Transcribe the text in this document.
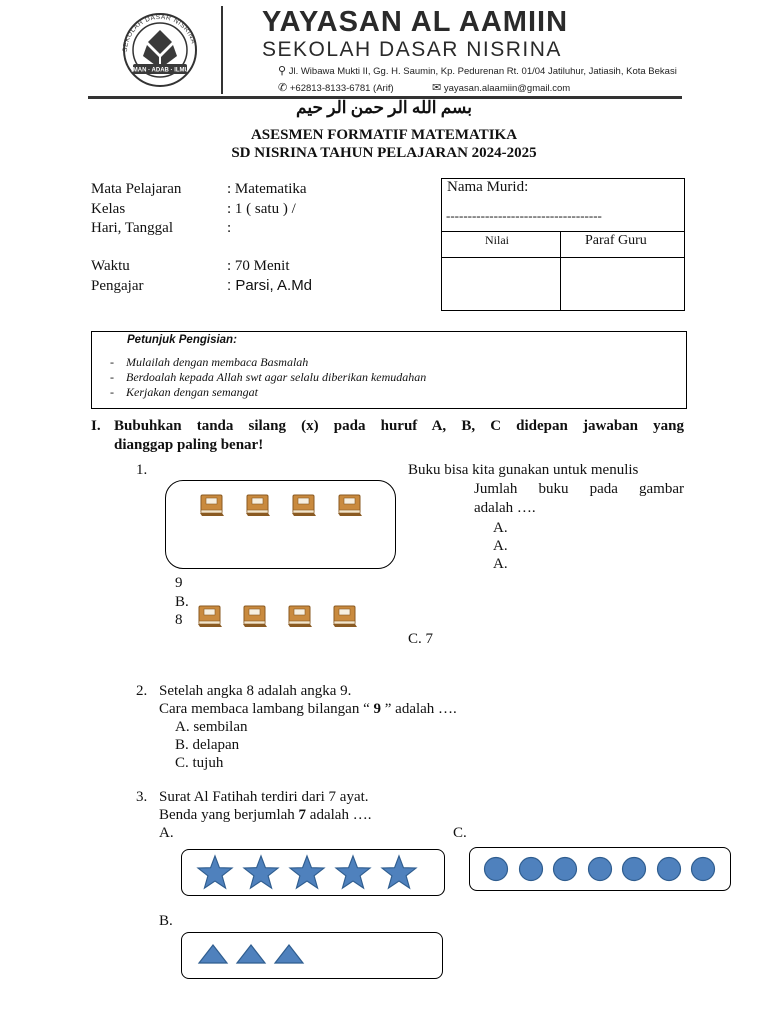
SEKOLAH DASAR NISRINA
IMAN · ADAB · ILMU
YAYASAN AL AAMIIN
SEKOLAH DASAR NISRINA
⚲ Jl. Wibawa Mukti II, Gg. H. Saumin, Kp. Pedurenan Rt. 01/04 Jatiluhur, Jatiasih, Kota Bekasi
✆ +62813-8133-6781 (Arif)	✉ yayasan.alaamiin@gmail.com
بسم الله الر حمن الر حيم
ASESMEN FORMATIF MATEMATIKA
SD NISRINA TAHUN PELAJARAN 2024-2025
Mata Pelajaran	: Matematika
Kelas	: 1 ( satu ) /
Hari, Tanggal	:
Waktu	: 70 Menit
Pengajar	: Parsi, A.Md
Nama Murid:
------------------------------------
Nilai	Paraf Guru
Petunjuk Pengisian:
-    Mulailah dengan membaca Basmalah
-    Berdoalah kepada Allah swt agar selalu diberikan kemudahan
-    Kerjakan dengan semangat
I. Bubuhkan tanda silang (x) pada huruf A, B, C didepan jawaban yang
dianggap paling benar!
1.	Buku bisa kita gunakan untuk menulis
Jumlah buku pada gambar
adalah ….
A.
A.
A.
9
B.
8
C. 7
2. Setelah angka 8 adalah angka 9.
Cara membaca lambang bilangan “ 9 ” adalah ….
A. sembilan
B. delapan
C. tujuh
3. Surat Al Fatihah terdiri dari 7 ayat.
Benda yang berjumlah 7 adalah ….
A.	C.
B.
